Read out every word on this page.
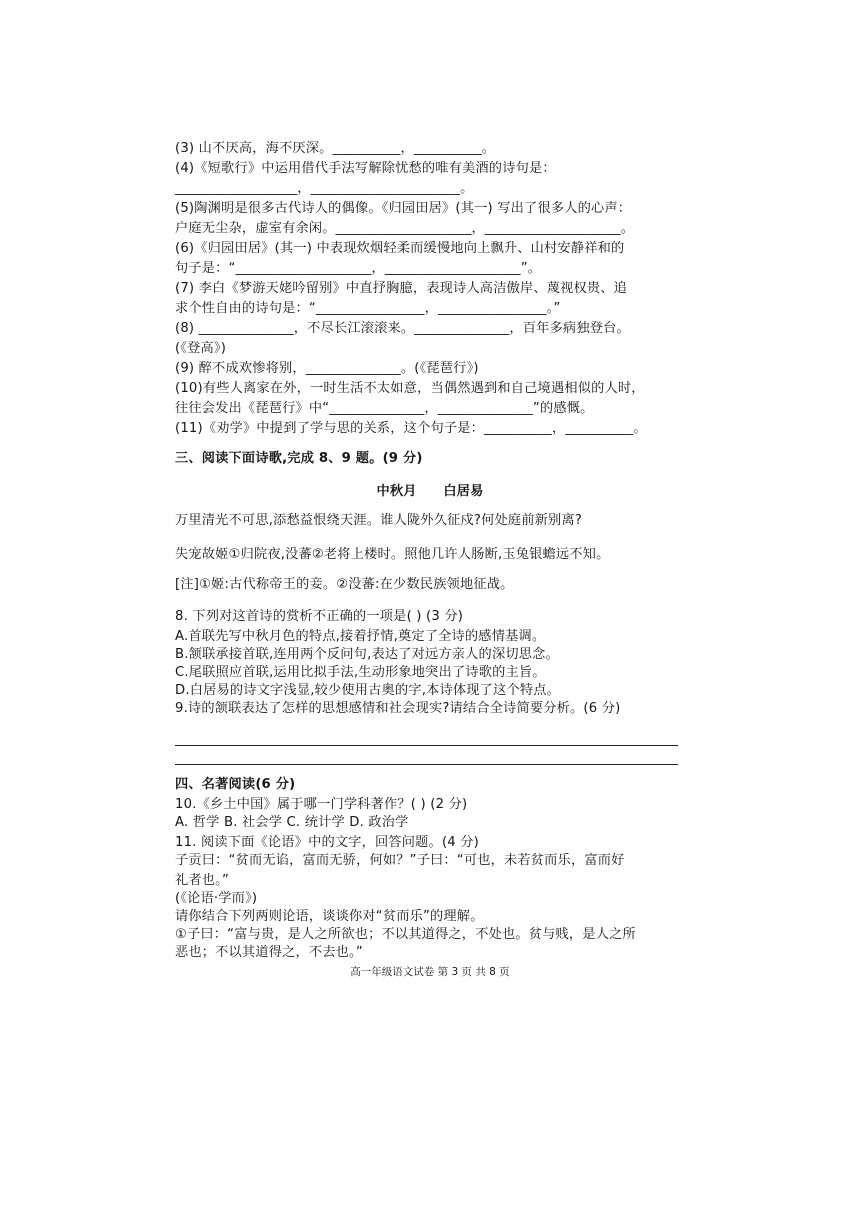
(3) 山不厌高，海不厌深。__________，__________。
(4)《短歌行》中运用借代手法写解除忧愁的唯有美酒的诗句是：
__________________，______________________。
(5)陶渊明是很多古代诗人的偶像。《归园田居》(其一) 写出了很多人的心声：
户庭无尘杂，虚室有余闲。____________________，____________________。
(6)《归园田居》(其一) 中表现炊烟轻柔而缓慢地向上飘升、山村安静祥和的
句子是：“____________________，____________________”。
(7) 李白《梦游天姥吟留别》中直抒胸臆，表现诗人高洁傲岸、蔑视权贵、追
求个性自由的诗句是：“________________，________________。”
(8) ______________，不尽长江滚滚来。______________，百年多病独登台。
(《登高》)
(9) 醉不成欢惨将别，______________。(《琵琶行》)
(10)有些人离家在外，一时生活不太如意，当偶然遇到和自己境遇相似的人时，
往往会发出《琵琶行》中“______________，______________”的感慨。
(11)《劝学》中提到了学与思的关系，这个句子是：__________，__________。
三、阅读下面诗歌,完成 8、9 题。(9 分)
中秋月　　白居易
万里清光不可思,添愁益恨绕天涯。谁人陇外久征戍?何处庭前新别离?
失宠故姬①归院夜,没蕃②老将上楼时。照他几许人肠断,玉兔银蟾远不知。
[注]①姬:古代称帝王的妾。②没蕃:在少数民族领地征战。
8. 下列对这首诗的赏析不正确的一项是( ) (3 分)
A.首联先写中秋月色的特点,接着抒情,奠定了全诗的感情基调。
B.颔联承接首联,连用两个反问句,表达了对远方亲人的深切思念。
C.尾联照应首联,运用比拟手法,生动形象地突出了诗歌的主旨。
D.白居易的诗文字浅显,较少使用古奥的字,本诗体现了这个特点。
9.诗的颔联表达了怎样的思想感情和社会现实?请结合全诗简要分析。(6 分)
四、名著阅读(6 分)
10.《乡土中国》属于哪一门学科著作？( ) (2 分)
A. 哲学 B. 社会学 C. 统计学 D. 政治学
11. 阅读下面《论语》中的文字，回答问题。(4 分)
子贡曰：“贫而无谄，富而无骄，何如？”子曰：“可也，未若贫而乐，富而好
礼者也。”
(《论语·学而》)
请你结合下列两则论语，谈谈你对“贫而乐”的理解。
①子曰：“富与贵，是人之所欲也；不以其道得之，不处也。贫与贱，是人之所
恶也；不以其道得之，不去也。”
高一年级语文试卷 第 3 页 共 8 页
